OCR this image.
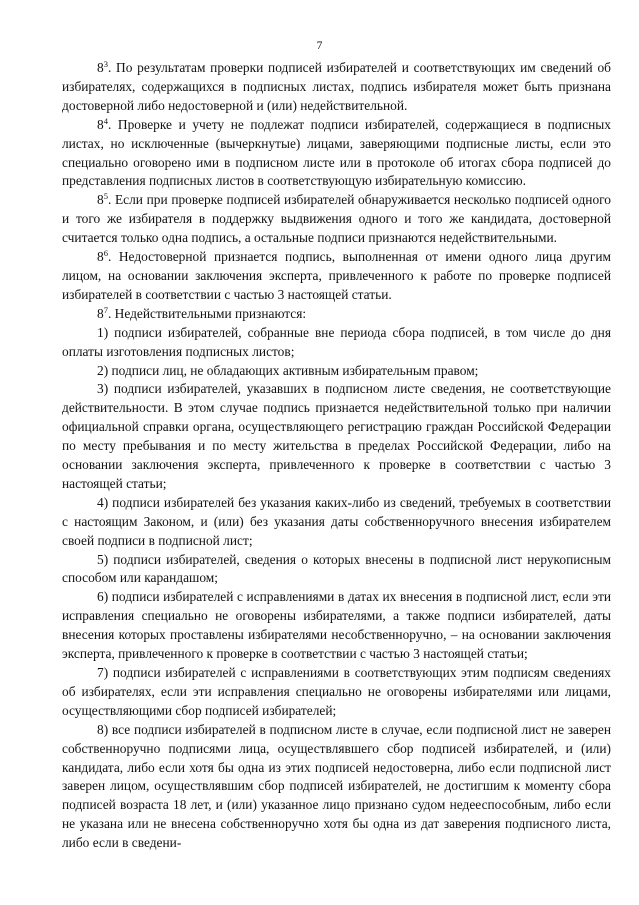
7

$8^3$. По результатам проверки подписей избирателей и соответствующих им сведений об избирателях, содержащихся в подписных листах, подпись избирателя может быть признана достоверной либо недостоверной и (или) недействительной.

$8^4$. Проверке и учету не подлежат подписи избирателей, содержащиеся в подписных листах, но исключенные (вычеркнутые) лицами, заверяющими подписные листы, если это специально оговорено ими в подписном листе или в протоколе об итогах сбора подписей до представления подписных листов в соответствующую избирательную комиссию.

$8^5$. Если при проверке подписей избирателей обнаруживается несколько подписей одного и того же избирателя в поддержку выдвижения одного и того же кандидата, достоверной считается только одна подпись, а остальные подписи признаются недействительными.

$8^6$. Недостоверной признается подпись, выполненная от имени одного лица другим лицом, на основании заключения эксперта, привлеченного к работе по проверке подписей избирателей в соответствии с частью 3 настоящей статьи.

$8^7$. Недействительными признаются:

1) подписи избирателей, собранные вне периода сбора подписей, в том числе до дня оплаты изготовления подписных листов;

2) подписи лиц, не обладающих активным избирательным правом;

3) подписи избирателей, указавших в подписном листе сведения, не соответствующие действительности. В этом случае подпись признается недействительной только при наличии официальной справки органа, осуществляющего регистрацию граждан Российской Федерации по месту пребывания и по месту жительства в пределах Российской Федерации, либо на основании заключения эксперта, привлеченного к проверке в соответствии с частью 3 настоящей статьи;

4) подписи избирателей без указания каких-либо из сведений, требуемых в соответствии с настоящим Законом, и (или) без указания даты собственноручного внесения избирателем своей подписи в подписной лист;

5) подписи избирателей, сведения о которых внесены в подписной лист нерукописным способом или карандашом;

6) подписи избирателей с исправлениями в датах их внесения в подписной лист, если эти исправления специально не оговорены избирателями, а также подписи избирателей, даты внесения которых проставлены избирателями несобственноручно, – на основании заключения эксперта, привлеченного к проверке в соответствии с частью 3 настоящей статьи;

7) подписи избирателей с исправлениями в соответствующих этим подписям сведениях об избирателях, если эти исправления специально не оговорены избирателями или лицами, осуществляющими сбор подписей избирателей;

8) все подписи избирателей в подписном листе в случае, если подписной лист не заверен собственноручно подписями лица, осуществлявшего сбор подписей избирателей, и (или) кандидата, либо если хотя бы одна из этих подписей недостоверна, либо если подписной лист заверен лицом, осуществлявшим сбор подписей избирателей, не достигшим к моменту сбора подписей возраста 18 лет, и (или) указанное лицо признано судом недееспособным, либо если не указана или не внесена собственноручно хотя бы одна из дат заверения подписного листа, либо если в сведени-
